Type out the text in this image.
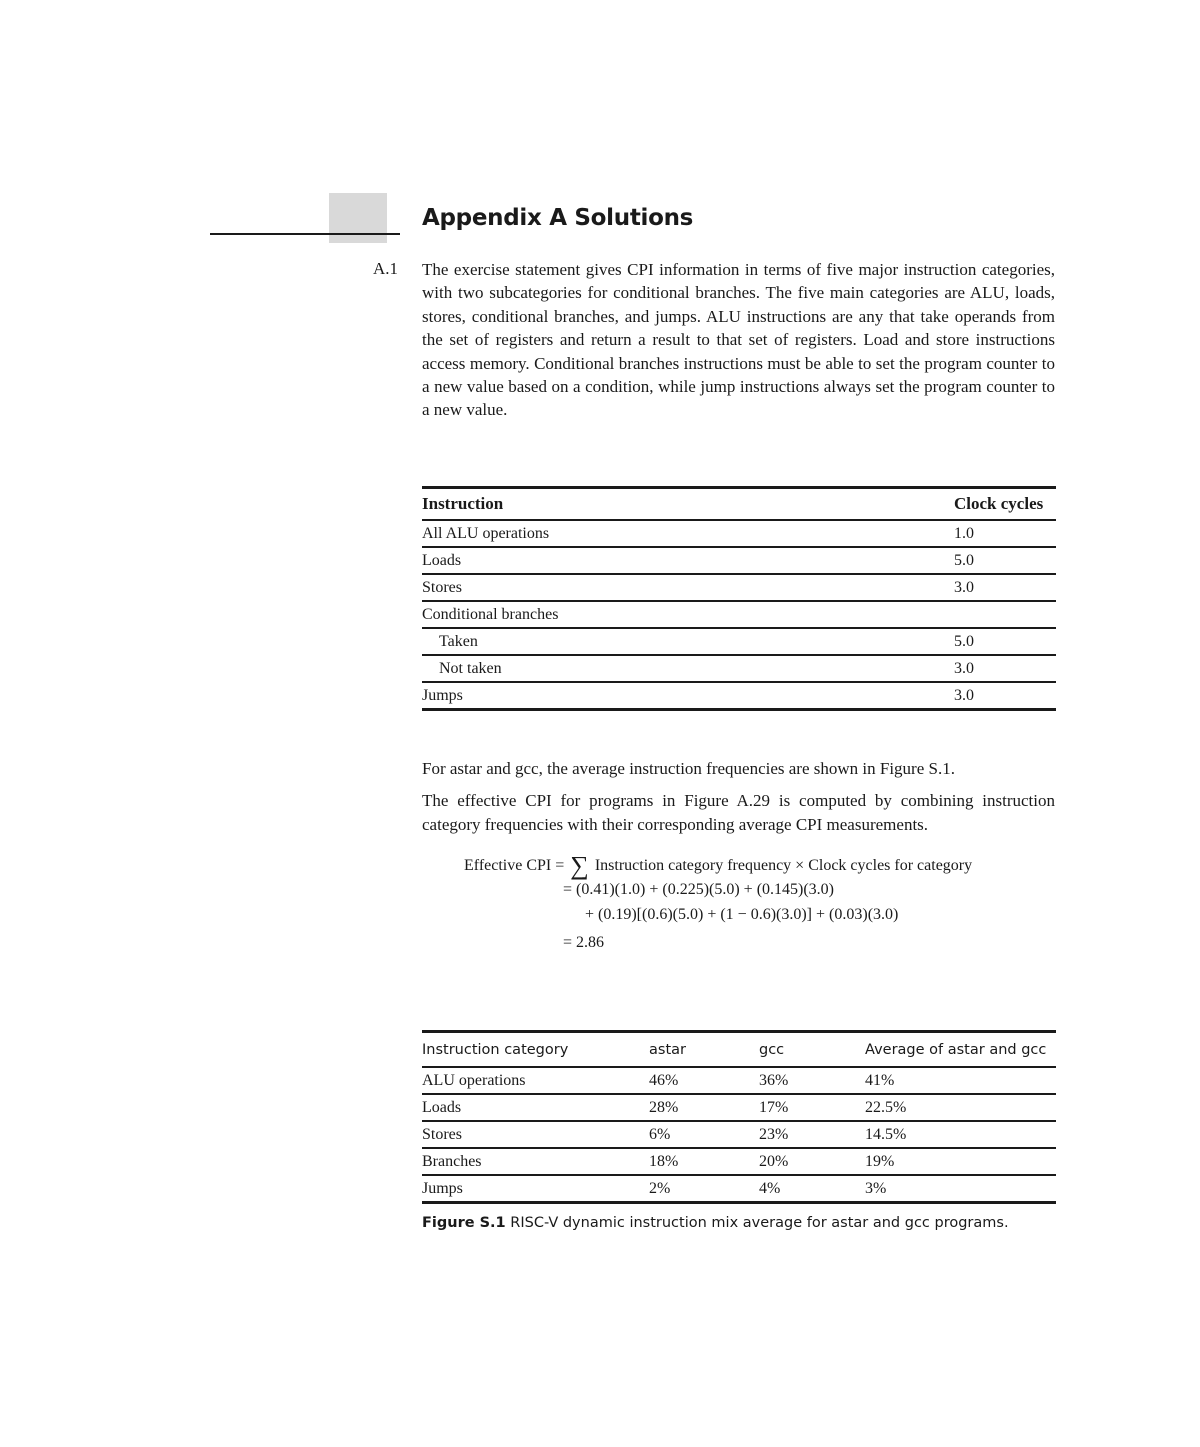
Appendix A Solutions
A.1 The exercise statement gives CPI information in terms of five major instruction categories, with two subcategories for conditional branches. The five main categories are ALU, loads, stores, conditional branches, and jumps. ALU instructions are any that take operands from the set of registers and return a result to that set of registers. Load and store instructions access memory. Conditional branches instructions must be able to set the program counter to a new value based on a condition, while jump instructions always set the program counter to a new value.

Instruction	Clock cycles
All ALU operations	1.0
Loads	5.0
Stores	3.0
Conditional branches	
Taken	5.0
Not taken	3.0
Jumps	3.0

For astar and gcc, the average instruction frequencies are shown in Figure S.1.

The effective CPI for programs in Figure A.29 is computed by combining instruction category frequencies with their corresponding average CPI measurements.

Effective CPI = ∑ Instruction category frequency × Clock cycles for category
= (0.41)(1.0) + (0.225)(5.0) + (0.145)(3.0)
+ (0.19)[(0.6)(5.0) + (1 − 0.6)(3.0)] + (0.03)(3.0)
= 2.86
Instruction category	astar	gcc	Average of astar and gcc
ALU operations	46%	36%	41%
Loads	28%	17%	22.5%
Stores	6%	23%	14.5%
Branches	18%	20%	19%
Jumps	2%	4%	3%
Figure S.1 RISC-V dynamic instruction mix average for astar and gcc programs.
